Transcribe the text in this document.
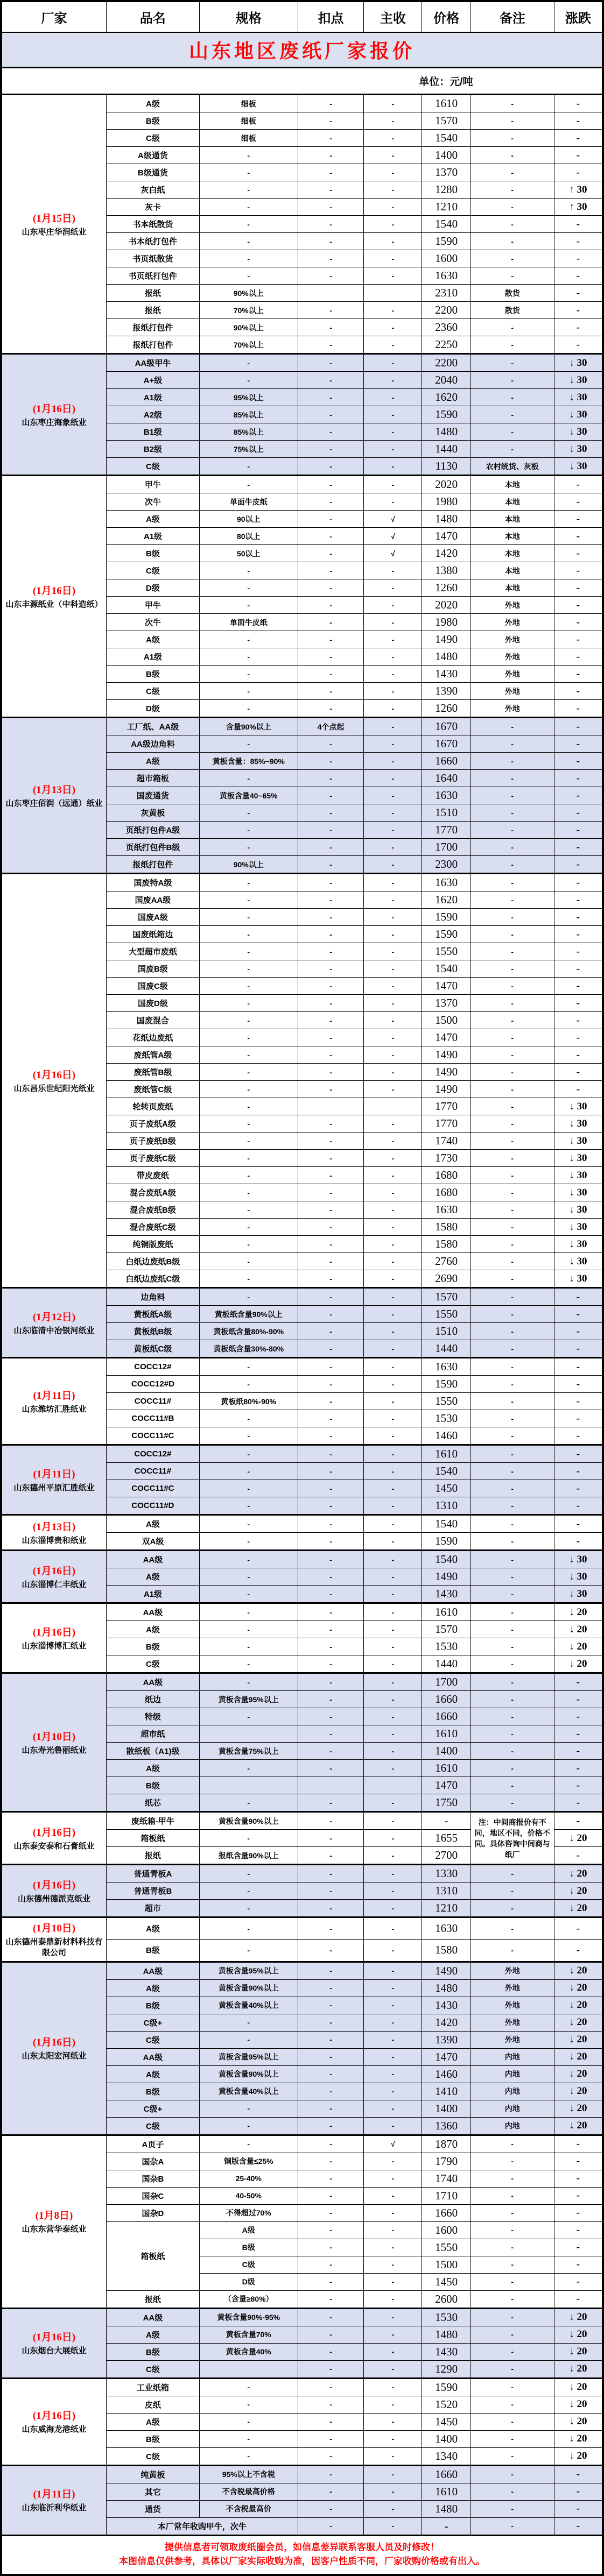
山东地区废纸厂家报价							
厂家	品名	规格	扣点	主收	价格	备注	涨跌
单位：元/吨							

(1月15日)
山东枣庄华润纸业	A级	细板	-	-	1610	-	-
	B级	细板	-	-	1570	-	-
	C级	细板	-	-	1540	-	-
	A级通货	-	-	-	1400	-	-
	B级通货	-	-	-	1370	-	-
	灰白纸	-	-	-	1280	-	↑ 30
	灰卡	-	-	-	1210	-	↑ 30
	书本纸散货	-	-	-	1540	-	-
	书本纸打包件	-	-	-	1590	-	-
	书页纸散货	-	-	-	1600	-	-
	书页纸打包件	-	-	-	1630	-	-
	报纸	90%以上			2310	散货	-
	报纸	70%以上	-	-	2200	散货	-
	报纸打包件	90%以上	-	-	2360	-	-
	报纸打包件	70%以上	-	-	2250	-	-

(1月16日)
山东枣庄海象纸业	AA级甲牛	-	-	-	2200	-	↓ 30
	A+级	-	-	-	2040	-	↓ 30
	A1级	95%以上	-	-	1620	-	↓ 30
	A2级	85%以上	-	-	1590	-	↓ 30
	B1级	85%以上	-	-	1480	-	↓ 30
	B2级	75%以上	-	-	1440	-	↓ 30
	C级	-	-	-	1130	农村统货、灰板	↓ 30

(1月16日)
山东丰源纸业（中科造纸）	甲牛	-	-	-	2020	本地	-
	次牛	单面牛皮纸	-	-	1980	本地	-
	A级	90以上	-	√	1480	本地	-
	A1级	80以上	-	√	1470	本地	-
	B级	50以上	-	√	1420	本地	-
	C级	-	-	-	1380	本地	-
	D级	-	-	-	1260	本地	-
	甲牛	-	-	-	2020	外地	-
	次牛	单面牛皮纸	-	-	1980	外地	-
	A级	-	-	-	1490	外地	-
	A1级	-	-	-	1480	外地	-
	B级	-	-	-	1430	外地	-
	C级	-	-	-	1390	外地	-
	D级	-	-	-	1260	外地	-

(1月13日)
山东枣庄佰润（远通）纸业	工厂纸、AA级	含量90%以上	4个点起	-	1670	-	-
	AA级边角料	-	-	-	1670	-	-
	A级	黄板含量：85%~90%	-	-	1660	-	-
	超市箱板	-	-	-	1640	-	-
	国废通货	黄板含量40~65%	-	-	1630	-	-
	灰黄板	-	-	-	1510	-	-
	页纸打包件A级	-	-	-	1770	-	-
	页纸打包件B级	-	-	-	1700	-	-
	报纸打包件	90%以上	-	-	2300	-	-

(1月16日)
山东昌乐世纪阳光纸业	国废特A级	-	-	-	1630	-	-
	国废AA级	-	-	-	1620	-	-
	国废A级	-	-	-	1590	-	-
	国废纸箱边	-	-	-	1590	-	-
	大型超市废纸	-	-	-	1550	-	-
	国废B级	-	-	-	1540	-	-
	国废C级	-	-	-	1470	-	-
	国废D级	-	-	-	1370	-	-
	国废混合	-	-	-	1500	-	-
	花纸边废纸	-	-	-	1470	-	-
	废纸管A级	-	-	-	1490	-	-
	废纸管B级	-	-	-	1490	-	-
	废纸管C级	-	-	-	1490	-	-
	轮转页废纸	-			1770	-	↓ 30
	页子废纸A级	-	-	-	1770	-	↓ 30
	页子废纸B级	-	-	-	1740	-	↓ 30
	页子废纸C级	-	-	-	1730	-	↓ 30
	带皮废纸	-	-	-	1680	-	↓ 30
	混合废纸A级	-	-	-	1680	-	↓ 30
	混合废纸B级	-	-	-	1630	-	↓ 30
	混合废纸C级	-	-	-	1580	-	↓ 30
	纯铜版废纸	-	-	-	1580	-	↓ 30
	白纸边废纸B级	-	-	-	2760	-	↓ 30
	白纸边废纸C级	-	-	-	2690	-	↓ 30

(1月12日)
山东临清中冶银河纸业	边角料	-	-	-	1570	-	-
	黄板纸A级	黄板纸含量90%以上	-	-	1550	-	-
	黄板纸B级	黄板纸含量80%-90%	-	-	1510	-	-
	黄板纸C级	黄板纸含量30%-80%	-	-	1440	-	-

(1月11日)
山东潍坊汇胜纸业	COCC12#	-	-	-	1630	-	-
	COCC12#D	-	-	-	1590	-	-
	COCC11#	黄板纸80%-90%	-	-	1550	-	-
	COCC11#B	-	-	-	1530	-	-
	COCC11#C	-	-	-	1460	-	-

(1月11日)
山东德州平原汇胜纸业	COCC12#	-	-	-	1610	-	-
	COCC11#	-	-	-	1540	-	-
	COCC11#C	-	-	-	1450	-	-
	COCC11#D	-	-	-	1310	-	-

(1月13日)
山东淄博贵和纸业	A级	-	-	-	1540	-	-
	双A级	-	-	-	1590	-	-

(1月16日)
山东淄博仁丰纸业	AA级	-	-	-	1540	-	↓ 30
	A级	-	-	-	1490	-	↓ 30
	A1级	-	-	-	1430	-	↓ 30

(1月16日)
山东淄博博汇纸业	AA级	-	-	-	1610	-	↓ 20
	A级	-	-	-	1570	-	↓ 20
	B级	-	-	-	1530	-	↓ 20
	C级	-	-	-	1440	-	↓ 20

(1月10日)
山东寿光鲁丽纸业	AA级	-	-	-	1700	-	-
	纸边	黄板含量95%以上	-	-	1660	-	-
	特级	-	-	-	1660	-	-
	超市纸		-	-	1610	-	-
	散纸板（A1)级	黄板含量75%以上	-	-	1400	-	-
	A级	-	-	-	1610	-	-
	B级				1470	-	-
	纸芯	-	-	-	1750	-	-

(1月16日)
山东泰安泰和石膏纸业	废纸箱-甲牛	黄板含量90%以上	-	-	-	注：中间商报价有不同，地区不同，价格不同。具体咨询中间商与纸厂	-
	箱板纸	-	-	-	1655		↓ 20
	报纸	报纸含量90%以上	-	-	2700		-

(1月16日)
山东德州德派克纸业	普通青板A	-	-	-	1330	-	↓ 20
	普通青板B	-	-	-	1310	-	↓ 20
	超市	-	-	-	1210	-	↓ 20

(1月10日)
山东德州泰鼎新材料科技有限公司	A级	-	-	-	1630	-	-
	B级	-	-	-	1580	-	-

(1月16日)
山东太阳宏河纸业	AA级	黄板含量95%以上	-	-	1490	外地	↓ 20
	A级	黄板含量90%以上	-	-	1480	外地	↓ 20
	B级	黄板含量40%以上	-	-	1430	外地	↓ 20
	C级+	-	-	-	1420	外地	↓ 20
	C级	-	-	-	1390	外地	↓ 20
	AA级	黄板含量95%以上	-	-	1470	内地	↓ 20
	A级	黄板含量90%以上	-	-	1460	内地	↓ 20
	B级	黄板含量40%以上	-	-	1410	内地	↓ 20
	C级+	-	-	-	1400	内地	↓ 20
	C级	-	-	-	1360	内地	↓ 20

(1月8日)
山东东营华泰纸业	A页子	-	-	√	1870	-	-
	国杂A	铜版含量≤25%	-	-	1790	-	-
	国杂B	25-40%	-	-	1740	-	-
	国杂C	40-50%	-	-	1710	-	-
	国杂D	不得超过70%	-	-	1660	-	-
	箱板纸	A级	-	-	1600	-	-
		B级	-	-	1550	-	-
		C级	-	-	1500	-	-
		D级	-	-	1450	-	-
	报纸	（含量≥80%）	-	-	2600	-	-

(1月16日)
山东烟台大展纸业	AA级	黄板含量90%-95%	-	-	1530	-	↓ 20
	A级	黄板含量70%	-	-	1480	-	↓ 20
	B级	黄板含量40%	-	-	1430	-	↓ 20
	C级		-	-	1290	-	↓ 20

(1月16日)
山东威海龙港纸业	工业纸箱	-	-	-	1590	-	↓ 20
	皮纸	-	-	-	1520	-	↓ 20
	A级	-	-	-	1450	-	↓ 20
	B级	-	-	-	1400	-	↓ 20
	C级	-	-	-	1340	-	↓ 20

(1月11日)
山东临沂利华纸业	纯黄板	95%以上不含税	-	-	1660	-	-
	其它	不含税最高价格	-	-	1610	-	-
	通货	不含税最高价	-	-	1480	-	-
	本厂常年收购甲牛，次牛		-	-	-	-	-

提供信息者可领取废纸圈会员，如信息差异联系客服人员及时修改！
本图信息仅供参考，具体以厂家实际收购为准，因客户性质不同，厂家收购价格或有出入。							
